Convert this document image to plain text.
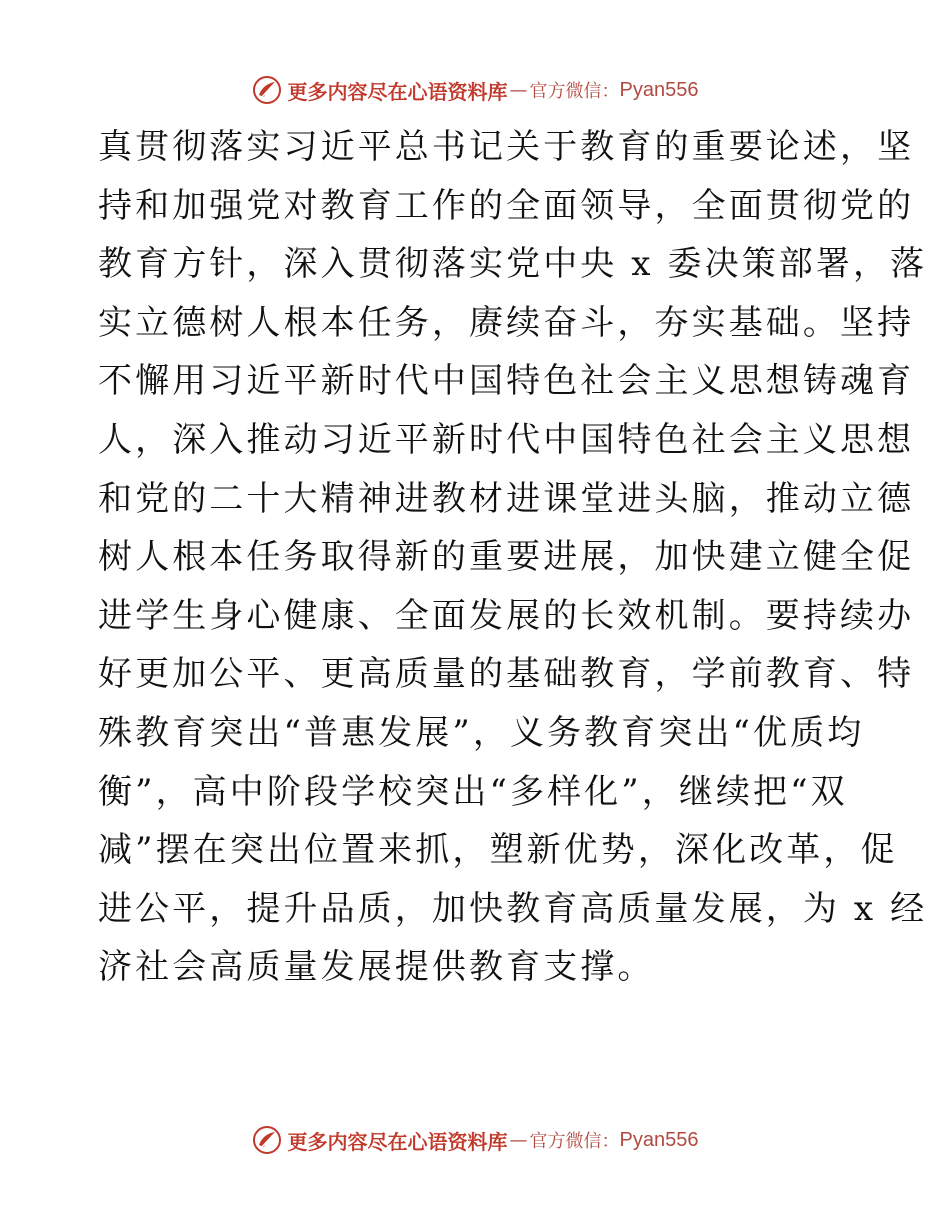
更多内容尽在心语资料库 — 官方微信： Pyan556
真贯彻落实习近平总书记关于教育的重要论述，坚
持和加强党对教育工作的全面领导，全面贯彻党的
教育方针，深入贯彻落实党中央 x 委决策部署，落
实立德树人根本任务，赓续奋斗，夯实基础。坚持
不懈用习近平新时代中国特色社会主义思想铸魂育
人，深入推动习近平新时代中国特色社会主义思想
和党的二十大精神进教材进课堂进头脑，推动立德
树人根本任务取得新的重要进展，加快建立健全促
进学生身心健康、全面发展的长效机制。要持续办
好更加公平、更高质量的基础教育，学前教育、特
殊教育突出“普惠发展”，义务教育突出“优质均
衡”，高中阶段学校突出“多样化”，继续把“双
减”摆在突出位置来抓，塑新优势，深化改革，促
进公平，提升品质，加快教育高质量发展，为 x 经
济社会高质量发展提供教育支撑。
更多内容尽在心语资料库 — 官方微信： Pyan556
